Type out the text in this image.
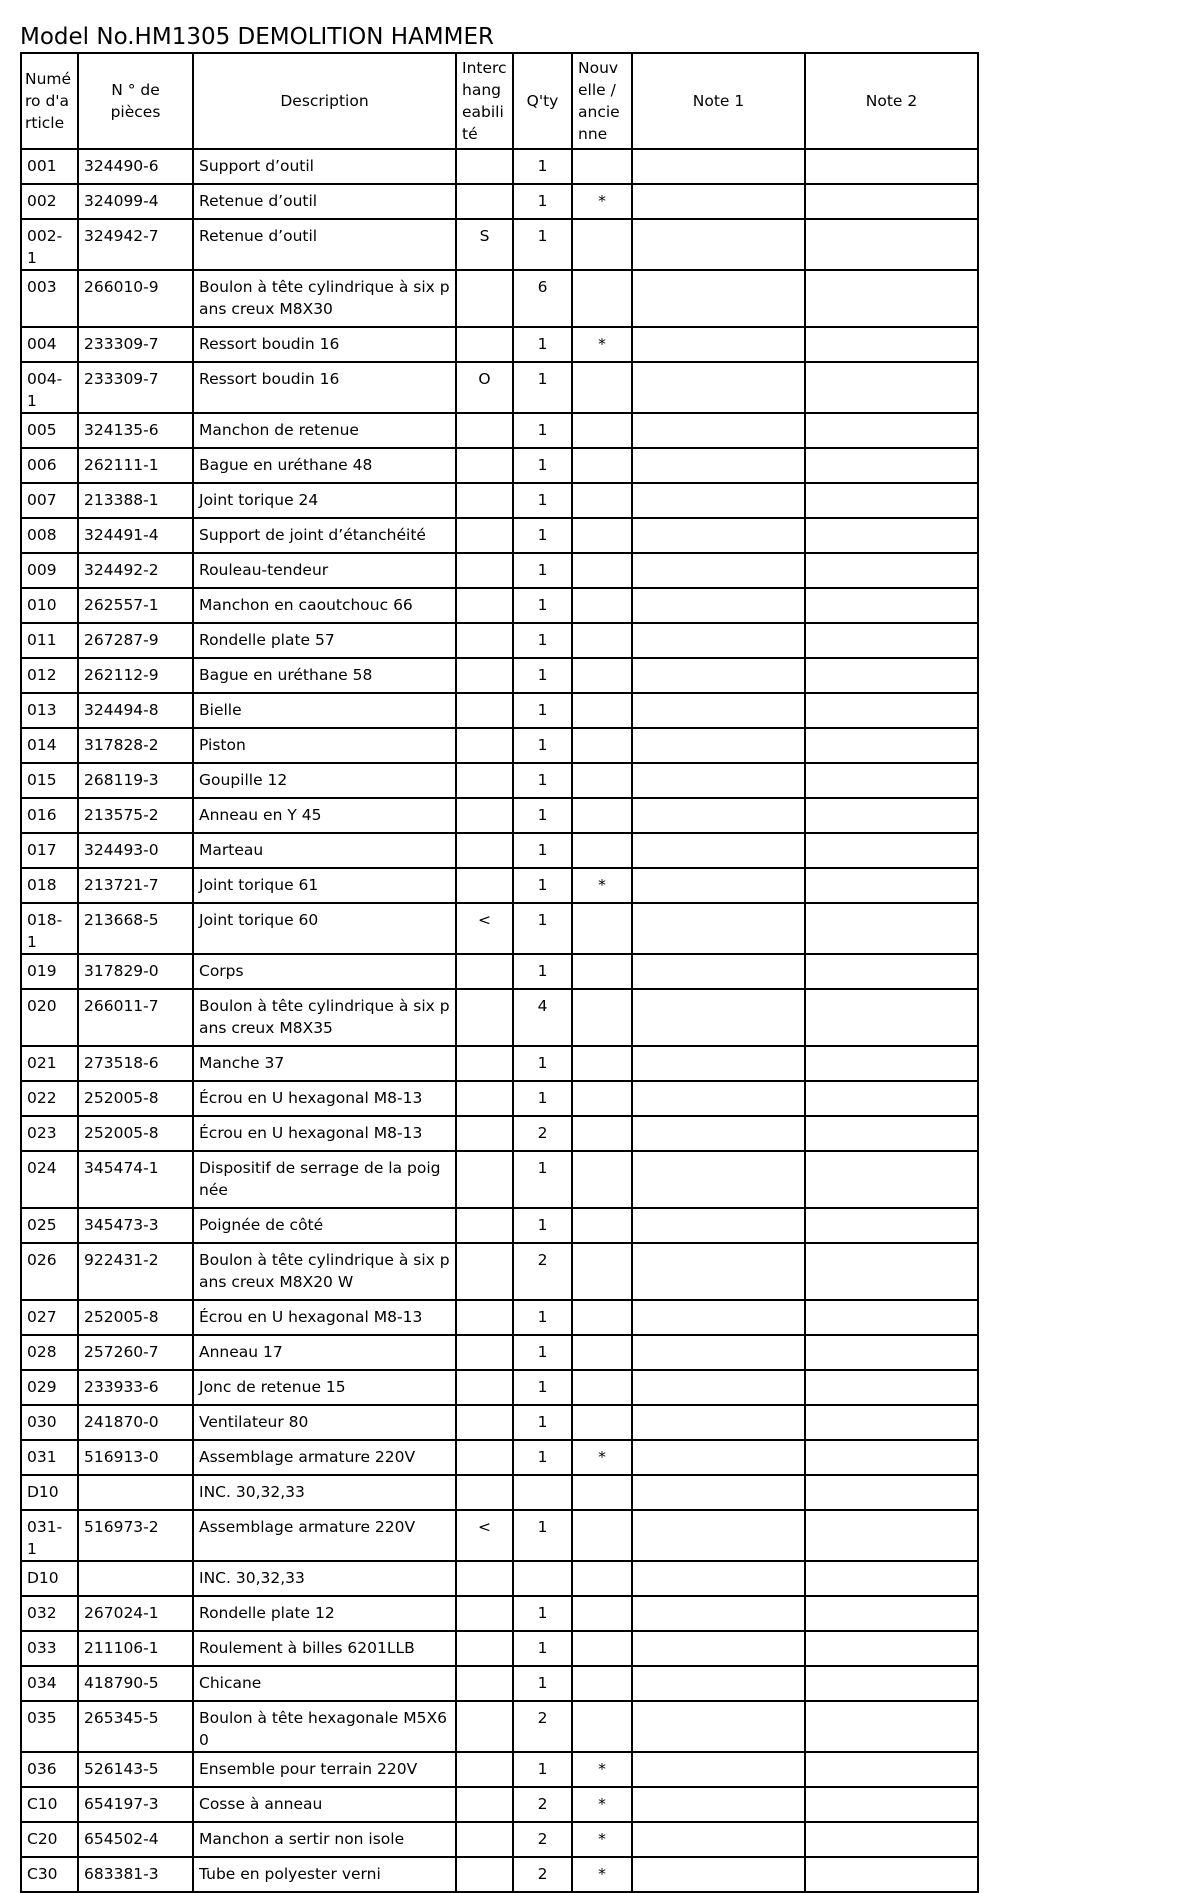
Model No.HM1305 DEMOLITION HAMMER
Numéro d'article	N ° de pièces	Description	Interchangeabilité	Q'ty	Nouvelle / ancienne	Note 1	Note 2
001	324490-6	Support d’outil		1			
002	324099-4	Retenue d’outil		1	*		
002-1	324942-7	Retenue d’outil	S	1			
003	266010-9	Boulon à tête cylindrique à six pans creux M8X30		6			
004	233309-7	Ressort boudin 16		1	*		
004-1	233309-7	Ressort boudin 16	O	1			
005	324135-6	Manchon de retenue		1			
006	262111-1	Bague en uréthane 48		1			
007	213388-1	Joint torique 24		1			
008	324491-4	Support de joint d’étanchéité		1			
009	324492-2	Rouleau-tendeur		1			
010	262557-1	Manchon en caoutchouc 66		1			
011	267287-9	Rondelle plate 57		1			
012	262112-9	Bague en uréthane 58		1			
013	324494-8	Bielle		1			
014	317828-2	Piston		1			
015	268119-3	Goupille 12		1			
016	213575-2	Anneau en Y 45		1			
017	324493-0	Marteau		1			
018	213721-7	Joint torique 61		1	*		
018-1	213668-5	Joint torique 60	<	1			
019	317829-0	Corps		1			
020	266011-7	Boulon à tête cylindrique à six pans creux M8X35		4			
021	273518-6	Manche 37		1			
022	252005-8	Écrou en U hexagonal M8-13		1			
023	252005-8	Écrou en U hexagonal M8-13		2			
024	345474-1	Dispositif de serrage de la poignée		1			
025	345473-3	Poignée de côté		1			
026	922431-2	Boulon à tête cylindrique à six pans creux M8X20 W		2			
027	252005-8	Écrou en U hexagonal M8-13		1			
028	257260-7	Anneau 17		1			
029	233933-6	Jonc de retenue 15		1			
030	241870-0	Ventilateur 80		1			
031	516913-0	Assemblage armature 220V		1	*		
D10		INC. 30,32,33					
031-1	516973-2	Assemblage armature 220V	<	1			
D10		INC. 30,32,33					
032	267024-1	Rondelle plate 12		1			
033	211106-1	Roulement à billes 6201LLB		1			
034	418790-5	Chicane		1			
035	265345-5	Boulon à tête hexagonale M5X60		2			
036	526143-5	Ensemble pour terrain 220V		1	*		
C10	654197-3	Cosse à anneau		2	*		
C20	654502-4	Manchon a sertir non isole		2	*		
C30	683381-3	Tube en polyester verni		2	*		
